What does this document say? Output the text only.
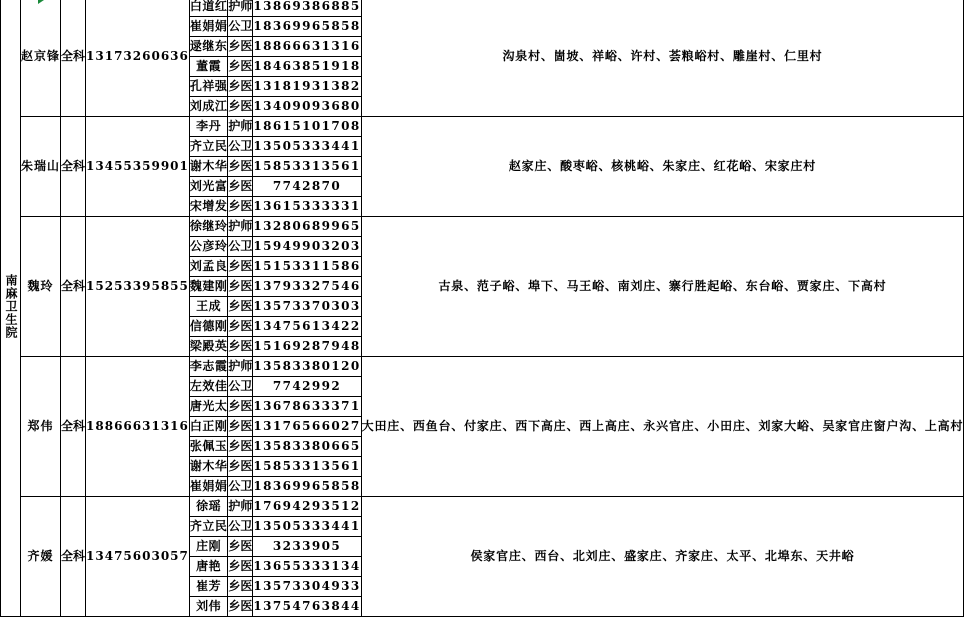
南麻卫生院	赵京锋	全科	13173260636	白道红	护师	13869386885	沟泉村、崮坡、祥峪、许村、荟粮峪村、雕崖村、仁里村

				崔娟娟	公卫	18369965858	
				逯继东	乡医	18866631316	
				董霞	乡医	18463851918	
				孔祥强	乡医	13181931382	
				刘成江	乡医	13409093680	
	朱瑞山	全科	13455359901	李丹	护师	18615101708	赵家庄、酸枣峪、核桃峪、朱家庄、红花峪、宋家庄村

				齐立民	公卫	13505333441	
				谢木华	乡医	15853313561	
				刘光富	乡医	7742870	
				宋增发	乡医	13615333331	
	魏玲	全科	15253395855	徐继玲	护师	13280689965	古泉、范子峪、埠下、马王峪、南刘庄、寨行胜起峪、东台峪、贾家庄、下高村

				公彦玲	公卫	15949903203	
				刘孟良	乡医	15153311586	
				魏建刚	乡医	13793327546	
				王成	乡医	13573370303	
				信德刚	乡医	13475613422	
				梁殿英	乡医	15169287948	
	郑伟	全科	18866631316	李志霞	护师	13583380120	大田庄、西鱼台、付家庄、西下高庄、西上高庄、永兴官庄、小田庄、刘家大峪、吴家官庄窗户沟、上高村

				左效佳	公卫	7742992	
				唐光太	乡医	13678633371	
				白正刚	乡医	13176566027	
				张佩玉	乡医	13583380665	
				谢木华	乡医	15853313561	
				崔娟娟	公卫	18369965858	
	齐媛	全科	13475603057	徐瑶	护师	17694293512	侯家官庄、西台、北刘庄、盛家庄、齐家庄、太平、北埠东、天井峪

				齐立民	公卫	13505333441	
				庄刚	乡医	3233905	
				唐艳	乡医	13655333134	
				崔芳	乡医	13573304933	
				刘伟	乡医	13754763844	
